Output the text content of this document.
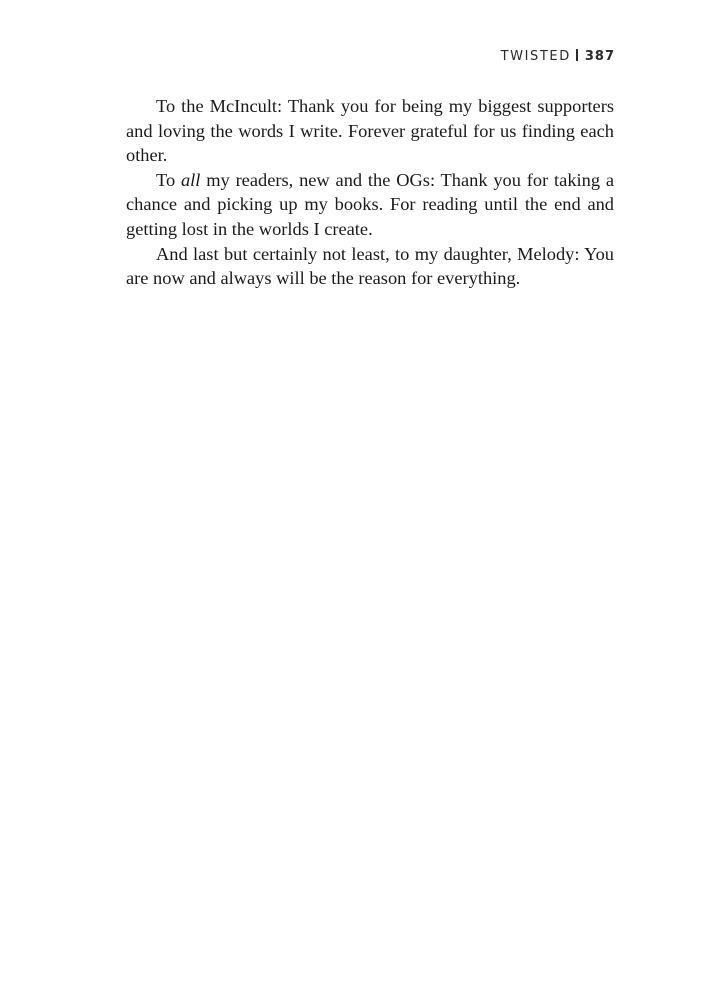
TWISTED 387

To the McIncult: Thank you for being my biggest supporters and loving the words I write. Forever grateful for us finding each other.

To all my readers, new and the OGs: Thank you for taking a chance and picking up my books. For reading until the end and getting lost in the worlds I create.

And last but certainly not least, to my daughter, Melody: You are now and always will be the reason for everything.
